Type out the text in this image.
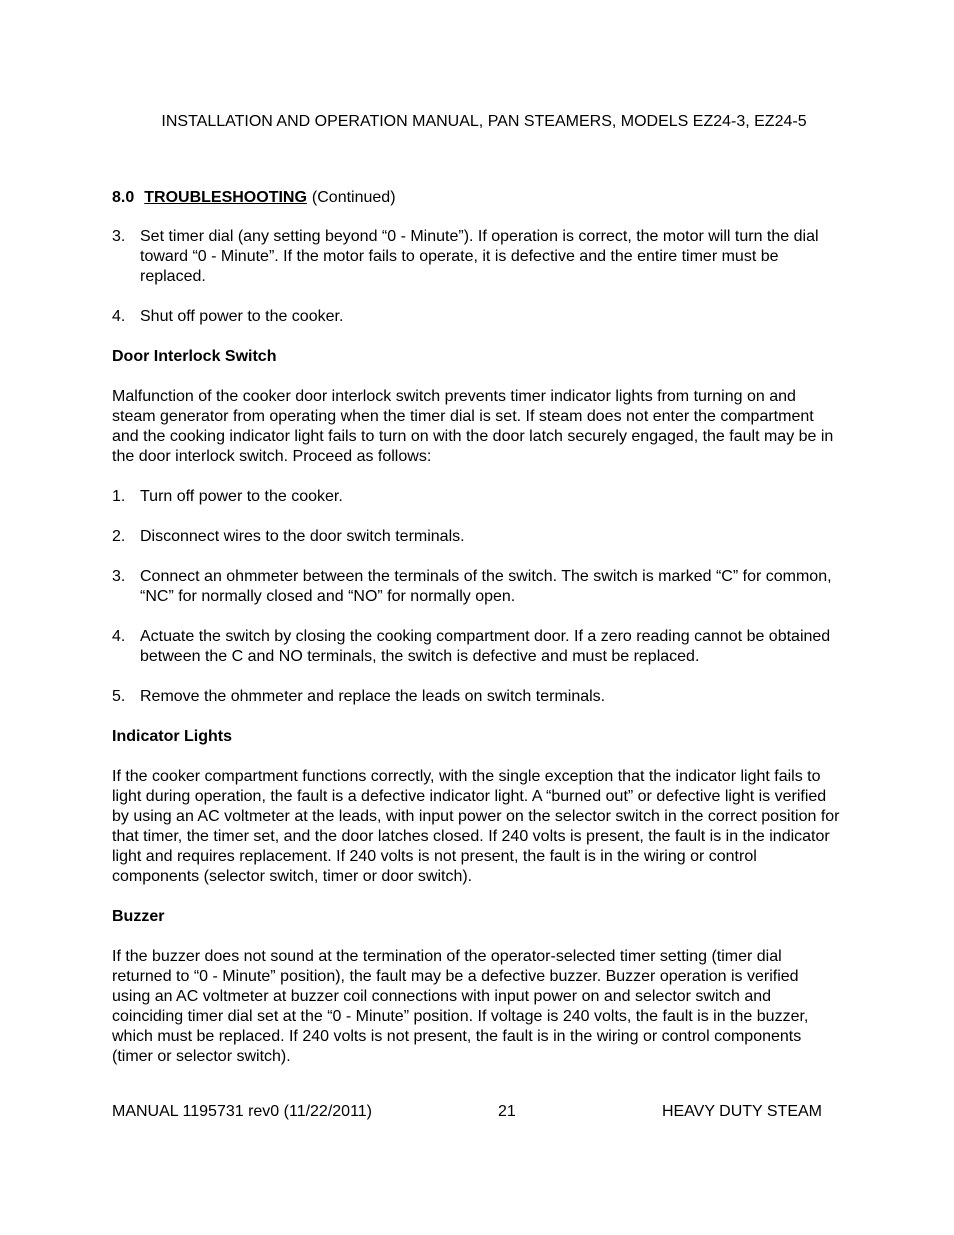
INSTALLATION AND OPERATION MANUAL, PAN STEAMERS, MODELS EZ24-3, EZ24-5
8.0 TROUBLESHOOTING (Continued)
3. Set timer dial (any setting beyond “0 - Minute”). If operation is correct, the motor will turn the dial toward “0 - Minute”. If the motor fails to operate, it is defective and the entire timer must be replaced.
4. Shut off power to the cooker.
Door Interlock Switch
Malfunction of the cooker door interlock switch prevents timer indicator lights from turning on and steam generator from operating when the timer dial is set. If steam does not enter the compartment and the cooking indicator light fails to turn on with the door latch securely engaged, the fault may be in the door interlock switch. Proceed as follows:
1. Turn off power to the cooker.
2. Disconnect wires to the door switch terminals.
3. Connect an ohmmeter between the terminals of the switch. The switch is marked “C” for common, “NC” for normally closed and “NO” for normally open.
4. Actuate the switch by closing the cooking compartment door. If a zero reading cannot be obtained between the C and NO terminals, the switch is defective and must be replaced.
5. Remove the ohmmeter and replace the leads on switch terminals.
Indicator Lights
If the cooker compartment functions correctly, with the single exception that the indicator light fails to light during operation, the fault is a defective indicator light. A “burned out” or defective light is verified by using an AC voltmeter at the leads, with input power on the selector switch in the correct position for that timer, the timer set, and the door latches closed. If 240 volts is present, the fault is in the indicator light and requires replacement. If 240 volts is not present, the fault is in the wiring or control components (selector switch, timer or door switch).
Buzzer
If the buzzer does not sound at the termination of the operator-selected timer setting (timer dial returned to “0 - Minute” position), the fault may be a defective buzzer. Buzzer operation is verified using an AC voltmeter at buzzer coil connections with input power on and selector switch and coinciding timer dial set at the “0 - Minute” position. If voltage is 240 volts, the fault is in the buzzer, which must be replaced. If 240 volts is not present, the fault is in the wiring or control components (timer or selector switch).
MANUAL 1195731 rev0 (11/22/2011)	21	HEAVY DUTY STEAM
